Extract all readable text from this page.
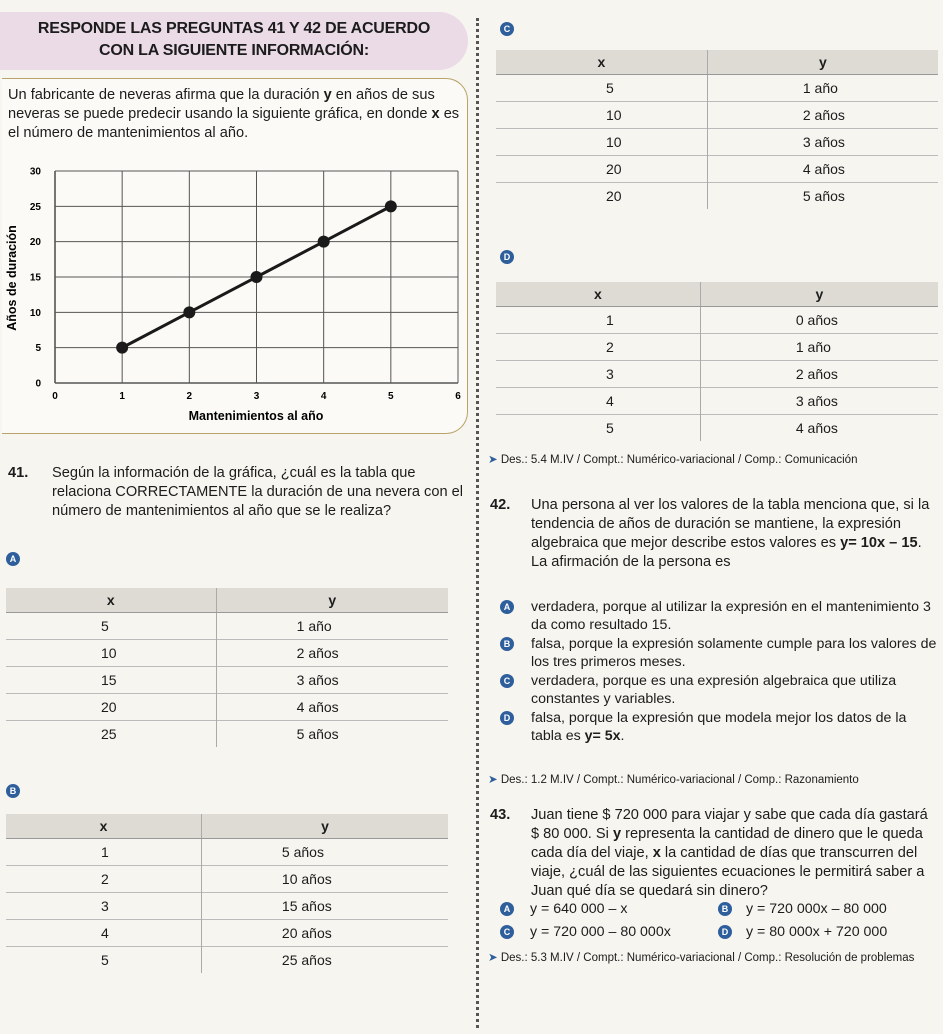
RESPONDE LAS PREGUNTAS 41 Y 42 DE ACUERDO
CON LA SIGUIENTE INFORMACIÓN:
Un fabricante de neveras afirma que la duración y en años de sus neveras se puede predecir usando la siguiente gráfica, en donde x es el número de mantenimientos al año.
0	1	2	3	4	5	6
0
5
10
15
20
25
30
Mantenimientos al año
Años de duración
41. Según la información de la gráfica, ¿cuál es la tabla que relaciona CORRECTAMENTE la duración de una nevera con el número de mantenimientos al año que se le realiza?
A
x	y
5	1 año
10	2 años
15	3 años
20	4 años
25	5 años
B
x	y
1	5 años
2	10 años
3	15 años
4	20 años
5	25 años
C
x	y
5	1 año
10	2 años
10	3 años
20	4 años
20	5 años
D
x	y
1	0 años
2	1 año
3	2 años
4	3 años
5	4 años
➤ Des.: 5.4 M.IV / Compt.: Numérico-variacional / Comp.: Comunicación
42. Una persona al ver los valores de la tabla menciona que, si la tendencia de años de duración se mantiene, la expresión algebraica que mejor describe estos valores es y= 10x – 15. La afirmación de la persona es
A verdadera, porque al utilizar la expresión en el mantenimiento 3 da como resultado 15.
B falsa, porque la expresión solamente cumple para los valores de los tres primeros meses.
C verdadera, porque es una expresión algebraica que utiliza constantes y variables.
D falsa, porque la expresión que modela mejor los datos de la tabla es y= 5x.
➤ Des.: 1.2 M.IV / Compt.: Numérico-variacional / Comp.: Razonamiento
43. Juan tiene $ 720 000 para viajar y sabe que cada día gastará $ 80 000. Si y representa la cantidad de dinero que le queda cada día del viaje, x la cantidad de días que transcurren del viaje, ¿cuál de las siguientes ecuaciones le permitirá saber a Juan qué día se quedará sin dinero?
A y = 640 000 – x	B y = 720 000x – 80 000
C y = 720 000 – 80 000x	D y = 80 000x + 720 000
➤ Des.: 5.3 M.IV / Compt.: Numérico-variacional / Comp.: Resolución de problemas
